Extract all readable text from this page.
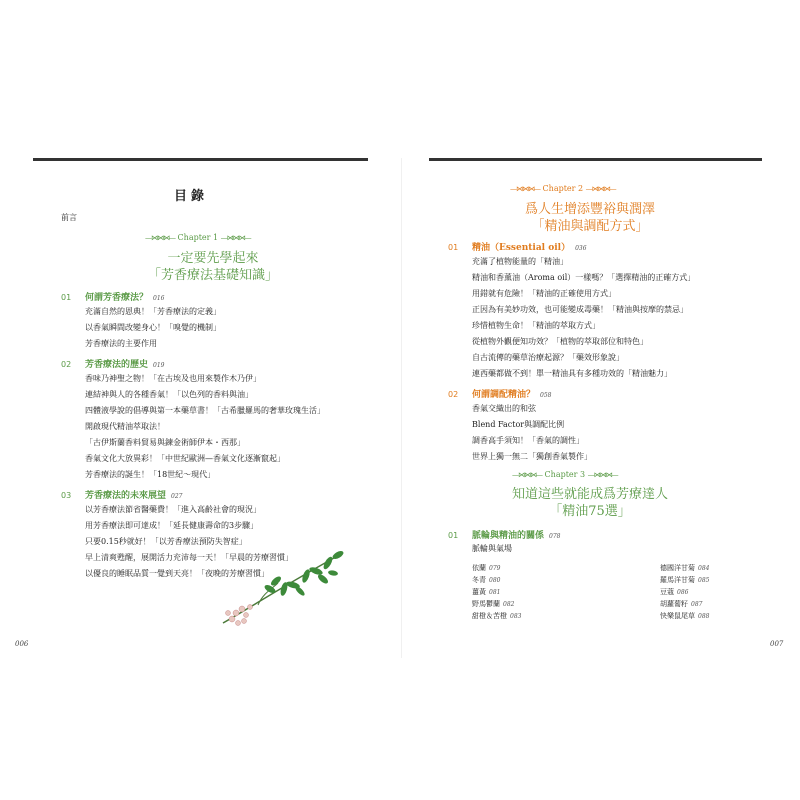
目錄
前言
—⋈⋈⋈— Chapter 1 —⋈⋈⋈—
一定要先學起來
「芳香療法基礎知識」
01 何謂芳香療法？ 016
充滿自然的恩典！「芳香療法的定義」
以香氣瞬間改變身心！「嗅覺的機制」
芳香療法的主要作用
02 芳香療法的歷史 019
香味乃神聖之物！「在古埃及也用來製作木乃伊」
連結神與人的各種香氣！「以色列的香料與油」
四體液學說的倡導與第一本藥草書！「古希臘羅馬的奢華玫瑰生活」
開啟現代精油萃取法！
「古伊斯蘭香料貿易與鍊金術師伊本・西那」
香氣文化大放異彩！「中世紀歐洲—香氣文化逐漸竄起」
芳香療法的誕生！「18世紀～現代」
03 芳香療法的未來展望 027
以芳香療法節省醫藥費！「進入高齡社會的現況」
用芳香療法即可達成！「延長健康壽命的3步驟」
只要0.15秒就好！「以芳香療法預防失智症」
早上清爽甦醒，展開活力充沛每一天！「早晨的芳療習慣」
以優良的睡眠品質一覺到天亮！「夜晚的芳療習慣」
006
—⋈⋈⋈— Chapter 2 —⋈⋈⋈—
爲人生增添豐裕與潤澤
「精油與調配方式」
01 精油（Essential oil） 036
充滿了植物能量的「精油」
精油和香薰油（Aroma oil）一樣嗎？「選擇精油的正確方式」
用錯就有危險！「精油的正確使用方式」
正因為有美妙功效，也可能變成毒藥！「精油與按摩的禁忌」
珍惜植物生命！「精油的萃取方式」
從植物外觀便知功效？「植物的萃取部位和特色」
自古流傳的藥草治療起源？「藥效形象說」
連西藥都做不到！單一精油具有多種功效的「精油魅力」
02 何謂調配精油？ 058
香氣交織出的和弦
Blend Factor與調配比例
調香高手須知！「香氣的調性」
世界上獨一無二「獨創香氣製作」
—⋈⋈⋈— Chapter 3 —⋈⋈⋈—
知道這些就能成爲芳療達人
「精油75選」
01 脈輪與精油的關係 078
脈輪與氣場
依蘭 079
冬青 080
薑黃 081
野馬鬱蘭 082
甜橙＆苦橙 083
德國洋甘菊 084
羅馬洋甘菊 085
豆蔻 086
胡蘿蔔籽 087
快樂鼠尾草 088
007
